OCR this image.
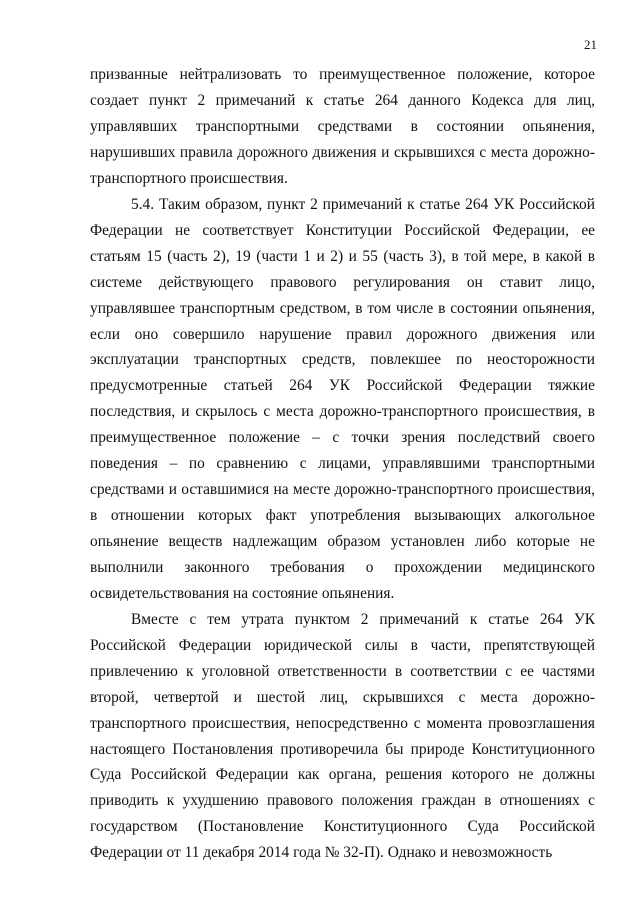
21

призванные нейтрализовать то преимущественное положение, которое создает пункт 2 примечаний к статье 264 данного Кодекса для лиц, управлявших транспортными средствами в состоянии опьянения, нарушивших правила дорожного движения и скрывшихся с места дорожно-транспортного происшествия.

5.4. Таким образом, пункт 2 примечаний к статье 264 УК Российской Федерации не соответствует Конституции Российской Федерации, ее статьям 15 (часть 2), 19 (части 1 и 2) и 55 (часть 3), в той мере, в какой в системе действующего правового регулирования он ставит лицо, управлявшее транспортным средством, в том числе в состоянии опьянения, если оно совершило нарушение правил дорожного движения или эксплуатации транспортных средств, повлекшее по неосторожности предусмотренные статьей 264 УК Российской Федерации тяжкие последствия, и скрылось с места дорожно-транспортного происшествия, в преимущественное положение – с точки зрения последствий своего поведения – по сравнению с лицами, управлявшими транспортными средствами и оставшимися на месте дорожно-транспортного происшествия, в отношении которых факт употребления вызывающих алкогольное опьянение веществ надлежащим образом установлен либо которые не выполнили законного требования о прохождении медицинского освидетельствования на состояние опьянения.

Вместе с тем утрата пунктом 2 примечаний к статье 264 УК Российской Федерации юридической силы в части, препятствующей привлечению к уголовной ответственности в соответствии с ее частями второй, четвертой и шестой лиц, скрывшихся с места дорожно-транспортного происшествия, непосредственно с момента провозглашения настоящего Постановления противоречила бы природе Конституционного Суда Российской Федерации как органа, решения которого не должны приводить к ухудшению правового положения граждан в отношениях с государством (Постановление Конституционного Суда Российской Федерации от 11 декабря 2014 года № 32-П). Однако и невозможность
